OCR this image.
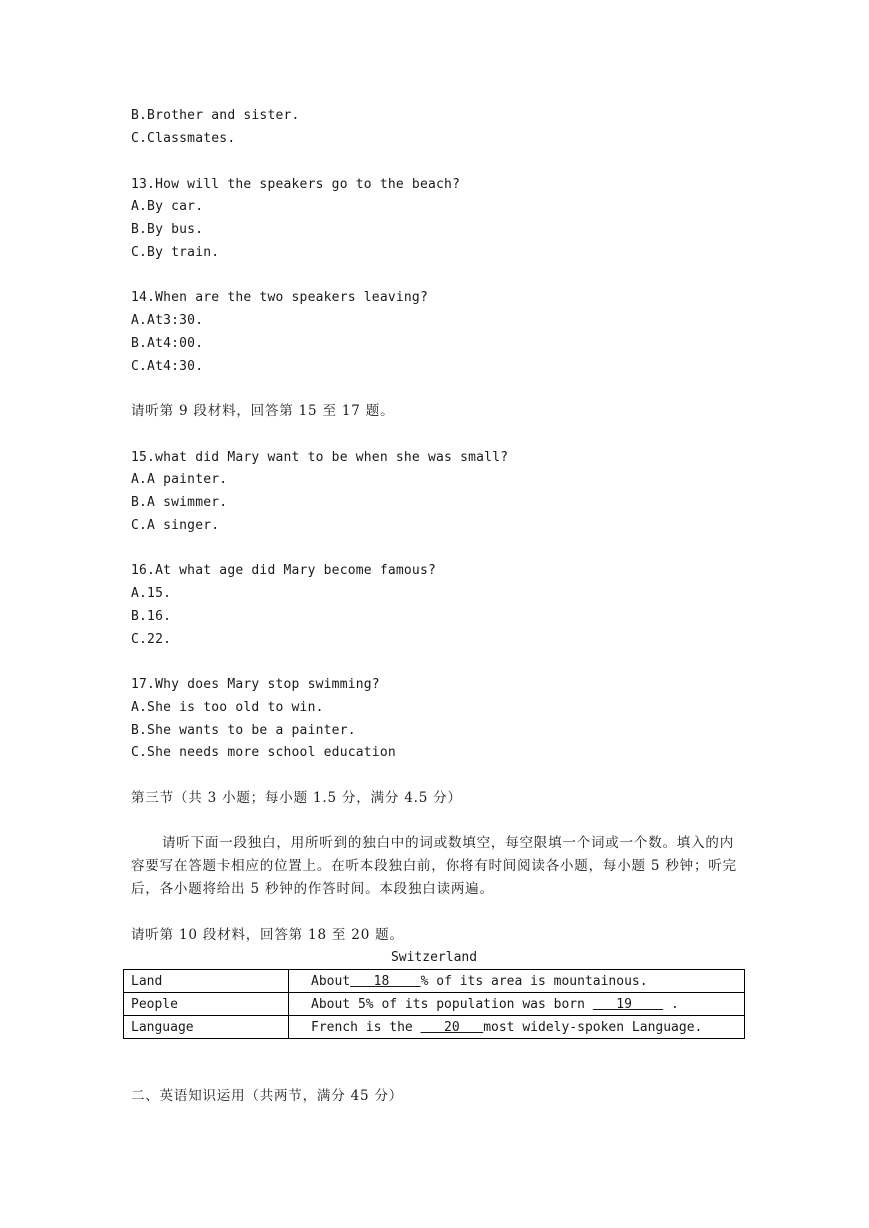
B.Brother and sister.
C.Classmates.
13.How will the speakers go to the beach?
A.By car.
B.By bus.
C.By train.
14.When are the two speakers leaving?
A.At3:30.
B.At4:00.
C.At4:30.
请听第 9 段材料，回答第 15 至 17 题。
15.what did Mary want to be when she was small?
A.A painter.
B.A swimmer.
C.A singer.
16.At what age did Mary become famous?
A.15.
B.16.
C.22.
17.Why does Mary stop swimming?
A.She is too old to win.
B.She wants to be a painter.
C.She needs more school education
第三节（共 3 小题；每小题 1.5 分，满分 4.5 分）
请听下面一段独白，用所听到的独白中的词或数填空，每空限填一个词或一个数。填入的内容要写在答题卡相应的位置上。在听本段独白前，你将有时间阅读各小题，每小题 5 秒钟；听完后，各小题将给出 5 秒钟的作答时间。本段独白读两遍。
请听第 10 段材料，回答第 18 至 20 题。
Switzerland
Land	About   18    % of its area is mountainous.
People	About 5% of its population was born    19     .
Language	French is the    20   most widely-spoken Language.
二、英语知识运用（共两节，满分 45 分）
